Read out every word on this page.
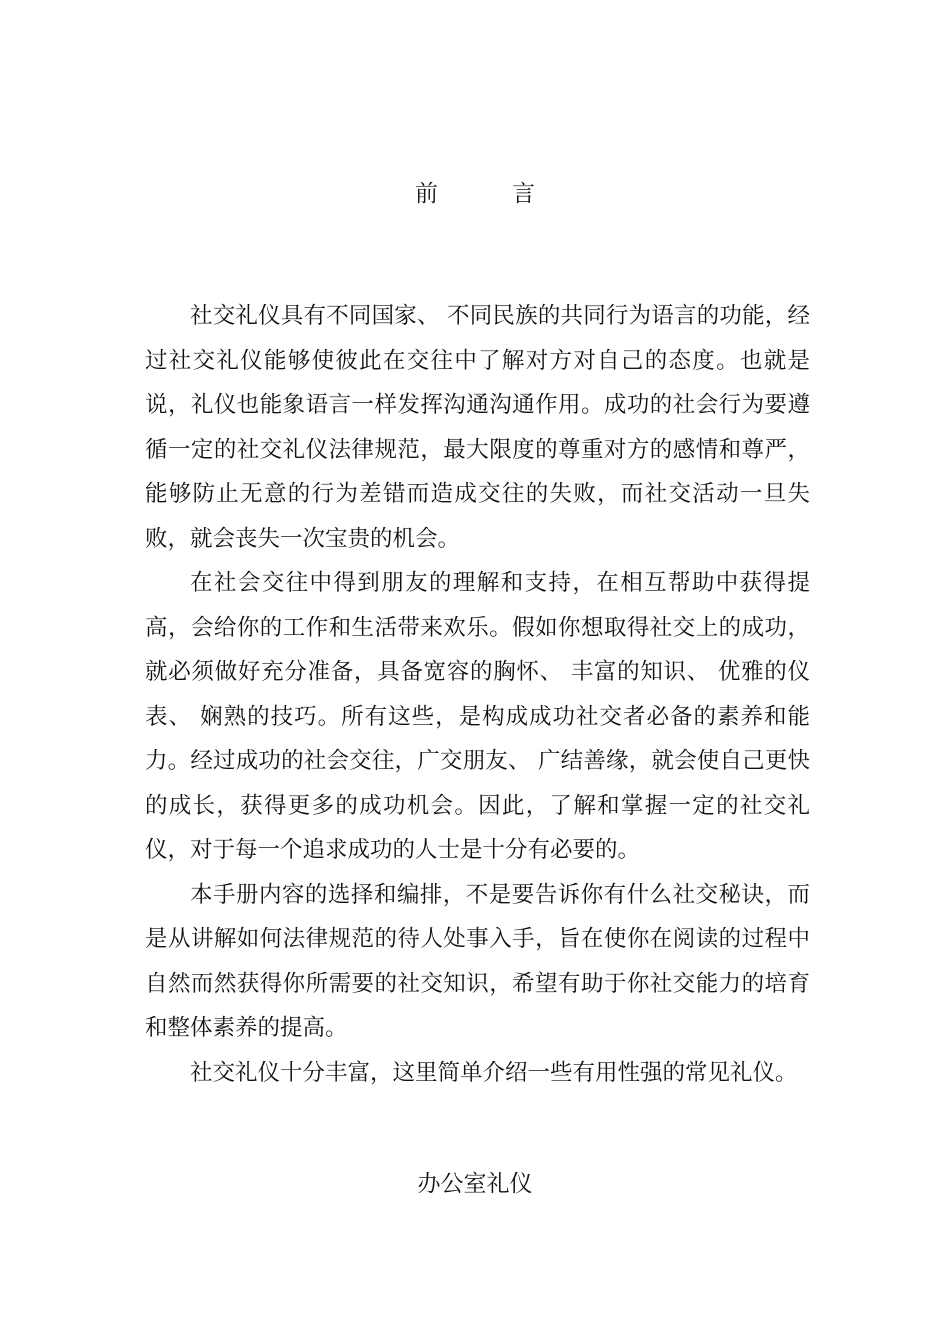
前	言

社交礼仪具有不同国家、 不同民族的共同行为语言的功能，经过社交礼仪能够使彼此在交往中了解对方对自己的态度。也就是说，礼仪也能象语言一样发挥沟通沟通作用。成功的社会行为要遵循一定的社交礼仪法律规范，最大限度的尊重对方的感情和尊严，能够防止无意的行为差错而造成交往的失败，而社交活动一旦失败，就会丧失一次宝贵的机会。

在社会交往中得到朋友的理解和支持，在相互帮助中获得提高，会给你的工作和生活带来欢乐。假如你想取得社交上的成功，就必须做好充分准备，具备宽容的胸怀、 丰富的知识、 优雅的仪表、 娴熟的技巧。所有这些，是构成成功社交者必备的素养和能力。经过成功的社会交往，广交朋友、 广结善缘，就会使自己更快的成长，获得更多的成功机会。因此，了解和掌握一定的社交礼仪，对于每一个追求成功的人士是十分有必要的。

本手册内容的选择和编排，不是要告诉你有什么社交秘诀，而是从讲解如何法律规范的待人处事入手，旨在使你在阅读的过程中自然而然获得你所需要的社交知识，希望有助于你社交能力的培育和整体素养的提高。

社交礼仪十分丰富，这里简单介绍一些有用性强的常见礼仪。

办公室礼仪
